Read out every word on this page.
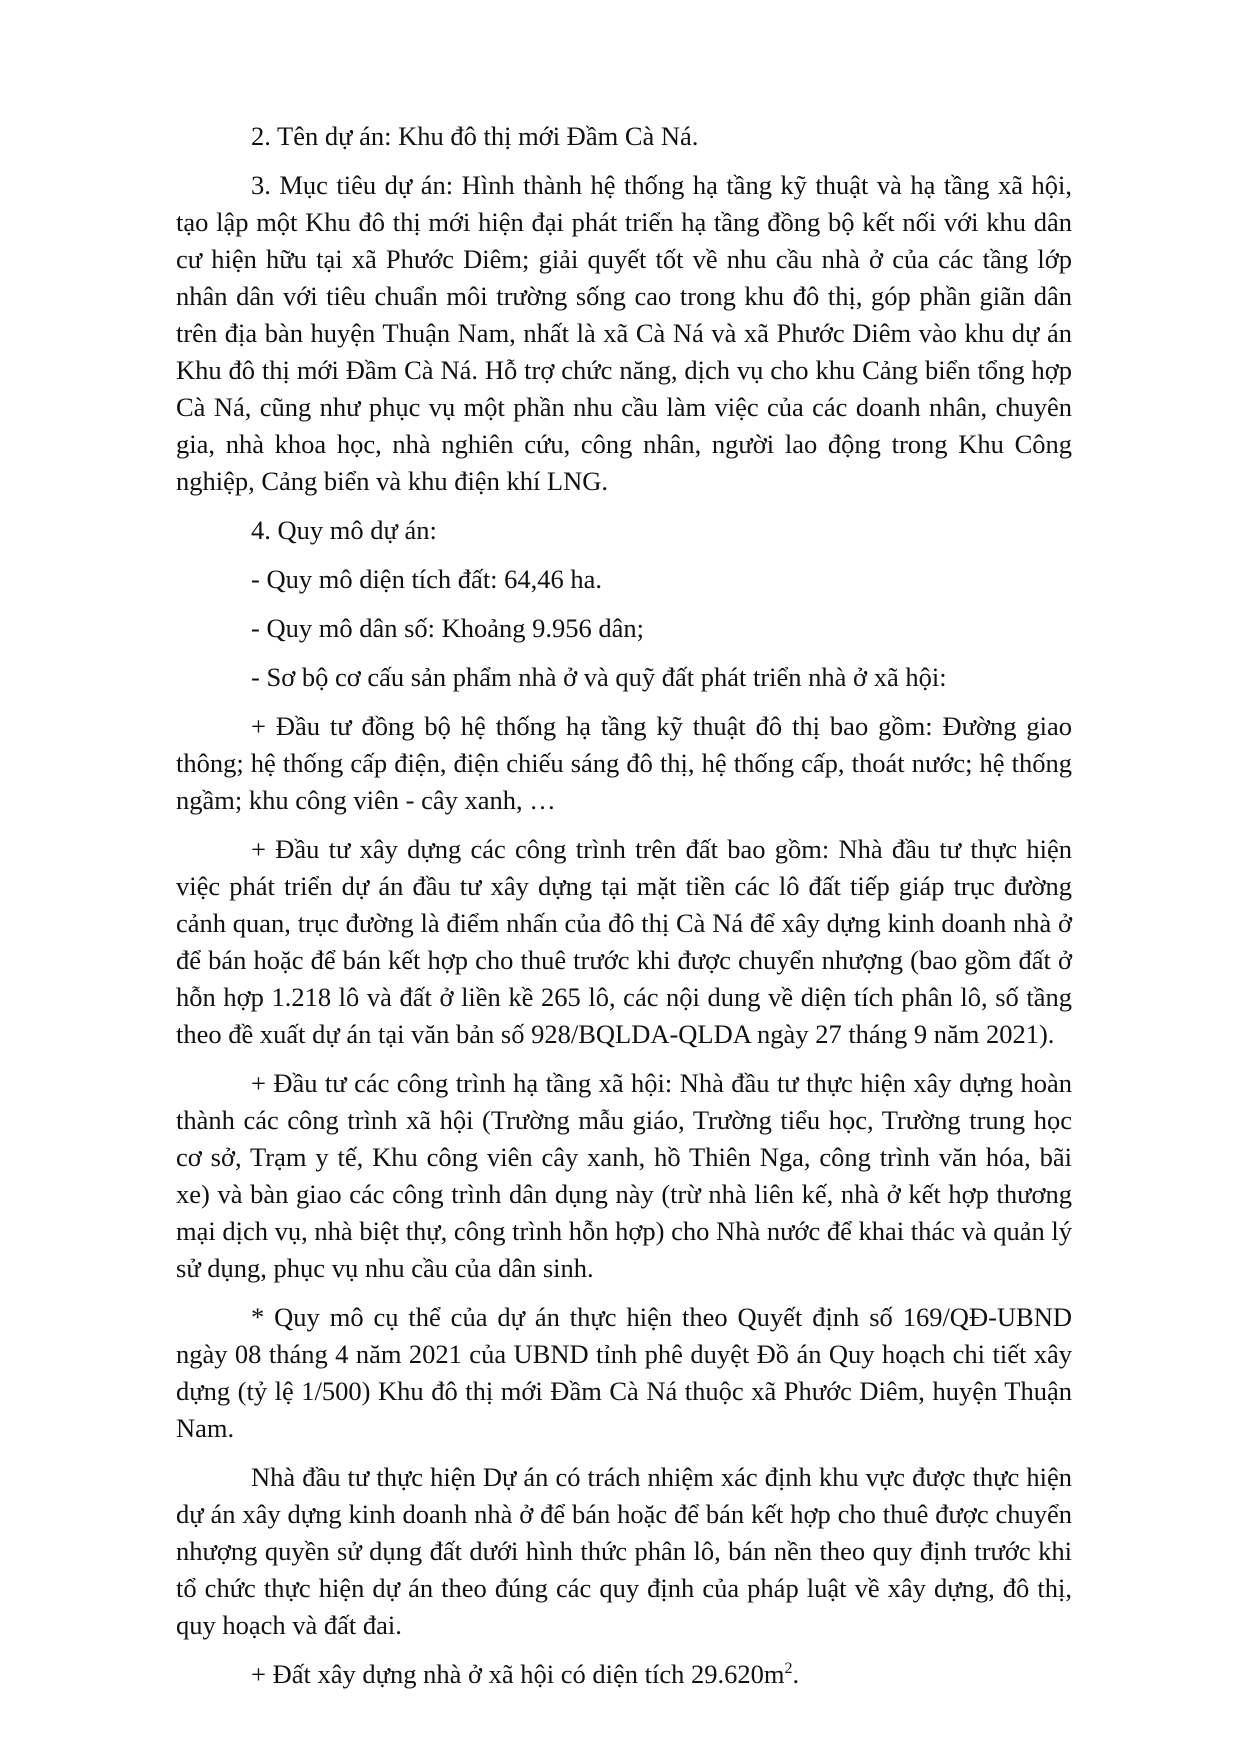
2. Tên dự án: Khu đô thị mới Đầm Cà Ná.

3. Mục tiêu dự án: Hình thành hệ thống hạ tầng kỹ thuật và hạ tầng xã hội, tạo lập một Khu đô thị mới hiện đại phát triển hạ tầng đồng bộ kết nối với khu dân cư hiện hữu tại xã Phước Diêm; giải quyết tốt về nhu cầu nhà ở của các tầng lớp nhân dân với tiêu chuẩn môi trường sống cao trong khu đô thị, góp phần giãn dân trên địa bàn huyện Thuận Nam, nhất là xã Cà Ná và xã Phước Diêm vào khu dự án Khu đô thị mới Đầm Cà Ná. Hỗ trợ chức năng, dịch vụ cho khu Cảng biển tổng hợp Cà Ná, cũng như phục vụ một phần nhu cầu làm việc của các doanh nhân, chuyên gia, nhà khoa học, nhà nghiên cứu, công nhân, người lao động trong Khu Công nghiệp, Cảng biển và khu điện khí LNG.

4. Quy mô dự án:

- Quy mô diện tích đất: 64,46 ha.

- Quy mô dân số: Khoảng 9.956 dân;

- Sơ bộ cơ cấu sản phẩm nhà ở và quỹ đất phát triển nhà ở xã hội:

+ Đầu tư đồng bộ hệ thống hạ tầng kỹ thuật đô thị bao gồm: Đường giao thông; hệ thống cấp điện, điện chiếu sáng đô thị, hệ thống cấp, thoát nước; hệ thống ngầm; khu công viên - cây xanh, …

+ Đầu tư xây dựng các công trình trên đất bao gồm: Nhà đầu tư thực hiện việc phát triển dự án đầu tư xây dựng tại mặt tiền các lô đất tiếp giáp trục đường cảnh quan, trục đường là điểm nhấn của đô thị Cà Ná để xây dựng kinh doanh nhà ở để bán hoặc để bán kết hợp cho thuê trước khi được chuyển nhượng (bao gồm đất ở hỗn hợp 1.218 lô và đất ở liền kề 265 lô, các nội dung về diện tích phân lô, số tầng theo đề xuất dự án tại văn bản số 928/BQLDA-QLDA ngày 27 tháng 9 năm 2021).

+ Đầu tư các công trình hạ tầng xã hội: Nhà đầu tư thực hiện xây dựng hoàn thành các công trình xã hội (Trường mẫu giáo, Trường tiểu học, Trường trung học cơ sở, Trạm y tế, Khu công viên cây xanh, hồ Thiên Nga, công trình văn hóa, bãi xe) và bàn giao các công trình dân dụng này (trừ nhà liên kế, nhà ở kết hợp thương mại dịch vụ, nhà biệt thự, công trình hỗn hợp) cho Nhà nước để khai thác và quản lý sử dụng, phục vụ nhu cầu của dân sinh.

* Quy mô cụ thể của dự án thực hiện theo Quyết định số 169/QĐ-UBND ngày 08 tháng 4 năm 2021 của UBND tỉnh phê duyệt Đồ án Quy hoạch chi tiết xây dựng (tỷ lệ 1/500) Khu đô thị mới Đầm Cà Ná thuộc xã Phước Diêm, huyện Thuận Nam.

Nhà đầu tư thực hiện Dự án có trách nhiệm xác định khu vực được thực hiện dự án xây dựng kinh doanh nhà ở để bán hoặc để bán kết hợp cho thuê được chuyển nhượng quyền sử dụng đất dưới hình thức phân lô, bán nền theo quy định trước khi tổ chức thực hiện dự án theo đúng các quy định của pháp luật về xây dựng, đô thị, quy hoạch và đất đai.

+ Đất xây dựng nhà ở xã hội có diện tích $29.620m^2$.
